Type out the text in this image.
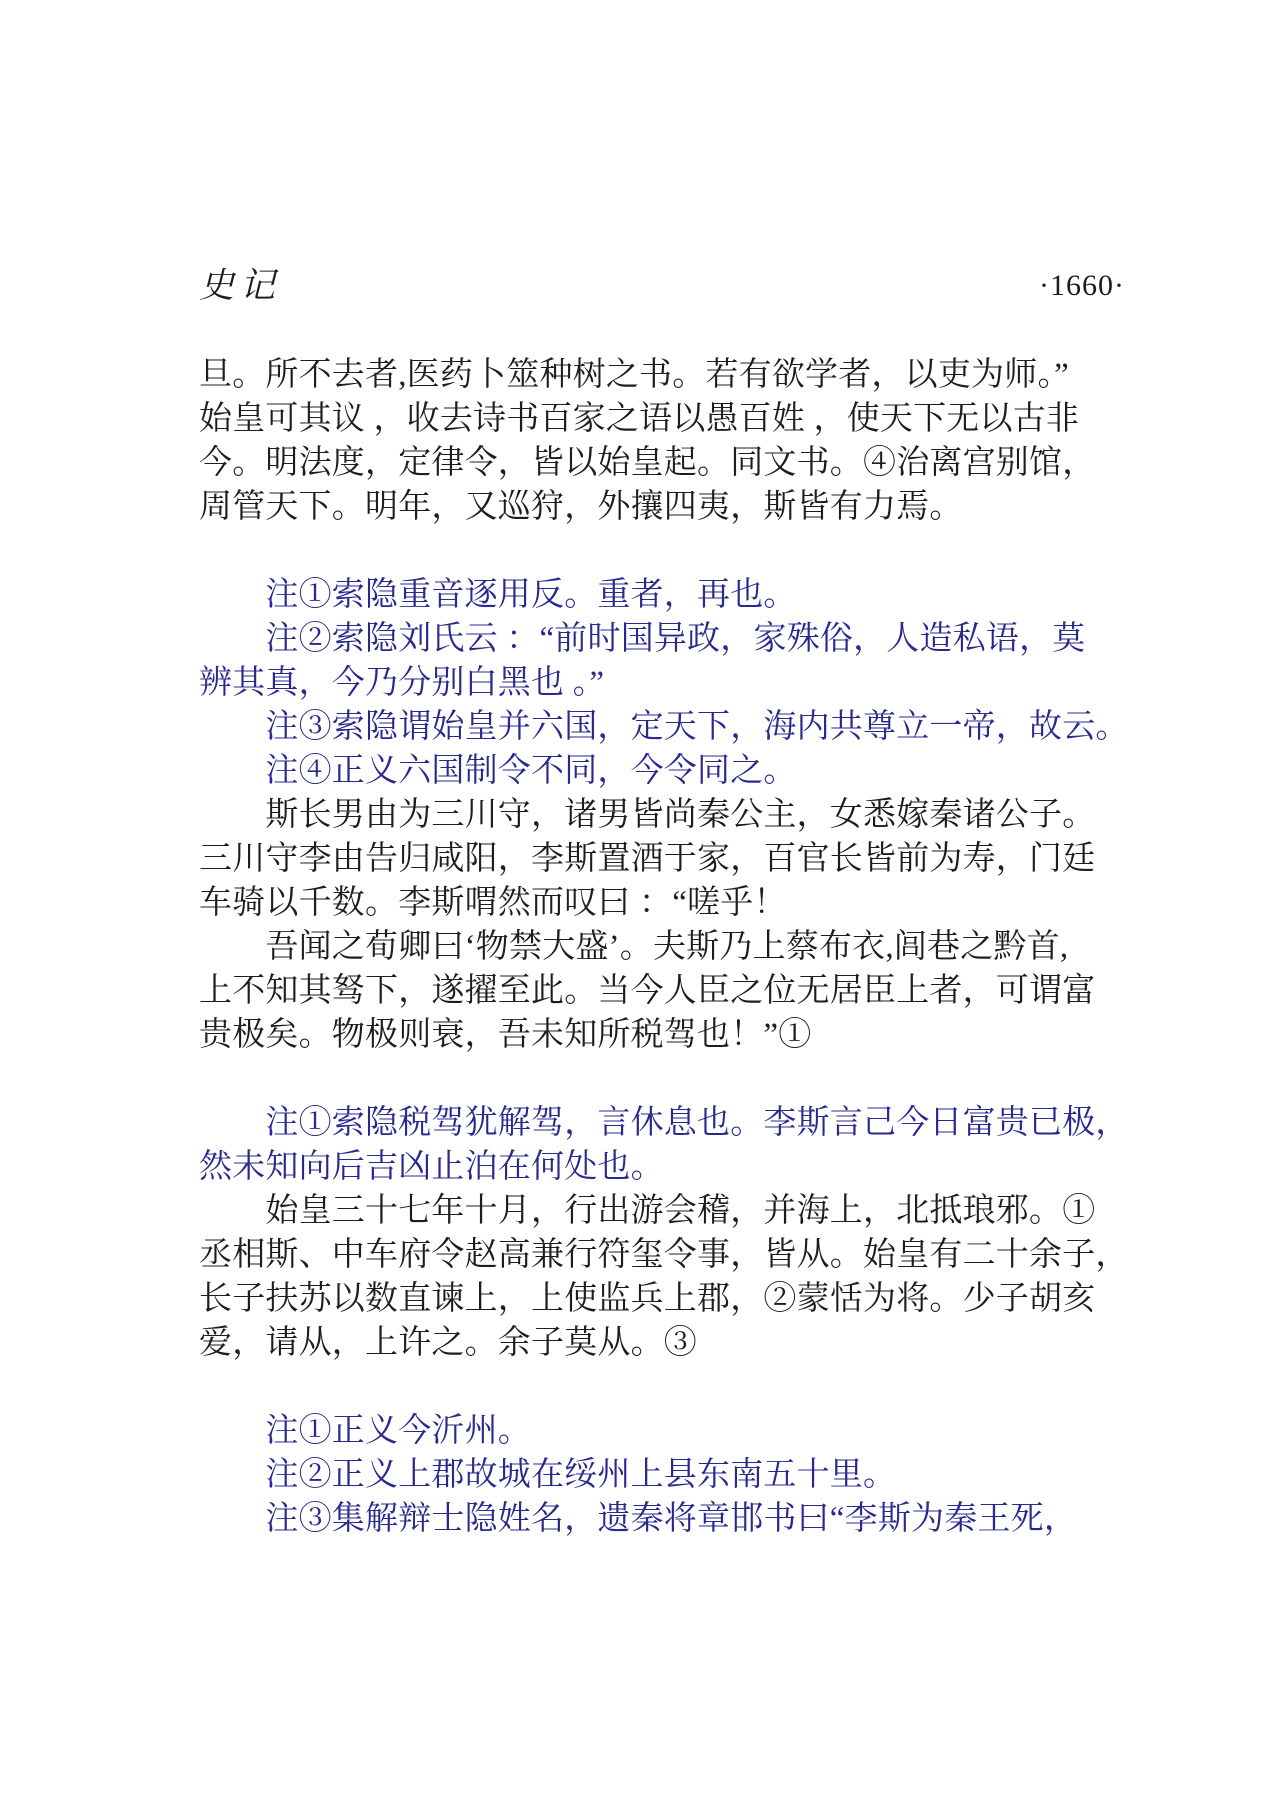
史记	·1660·
旦。所不去者,医药卜筮种树之书。若有欲学者，以吏为师。”
始皇可其议 ，收去诗书百家之语以愚百姓 ，使天下无以古非
今。明法度，定律令，皆以始皇起。同文书。④治离宫别馆，
周管天下。明年，又巡狩，外攘四夷，斯皆有力焉。
　　注①索隐重音逐用反。重者，再也。
　　注②索隐刘氏云 ：“前时国异政，家殊俗，人造私语，莫
辨其真，今乃分别白黑也 。”
　　注③索隐谓始皇并六国，定天下，海内共尊立一帝，故云。
　　注④正义六国制令不同，今令同之。
　　斯长男由为三川守，诸男皆尚秦公主，女悉嫁秦诸公子。
三川守李由告归咸阳，李斯置酒于家，百官长皆前为寿，门廷
车骑以千数。李斯喟然而叹曰 ：“嗟乎！
　　吾闻之荀卿曰‘物禁大盛’。夫斯乃上蔡布衣,闾巷之黔首,
上不知其驽下，遂擢至此。当今人臣之位无居臣上者，可谓富
贵极矣。物极则衰，吾未知所税驾也！”①
　　注①索隐税驾犹解驾，言休息也。李斯言己今日富贵已极，
然未知向后吉凶止泊在何处也。
　　始皇三十七年十月，行出游会稽，并海上，北抵琅邪。①
丞相斯、中车府令赵高兼行符玺令事，皆从。始皇有二十余子，
长子扶苏以数直谏上，上使监兵上郡，②蒙恬为将。少子胡亥
爱，请从，上许之。余子莫从。③
　　注①正义今沂州。
　　注②正义上郡故城在绥州上县东南五十里。
　　注③集解辩士隐姓名，遗秦将章邯书曰“李斯为秦王死，
